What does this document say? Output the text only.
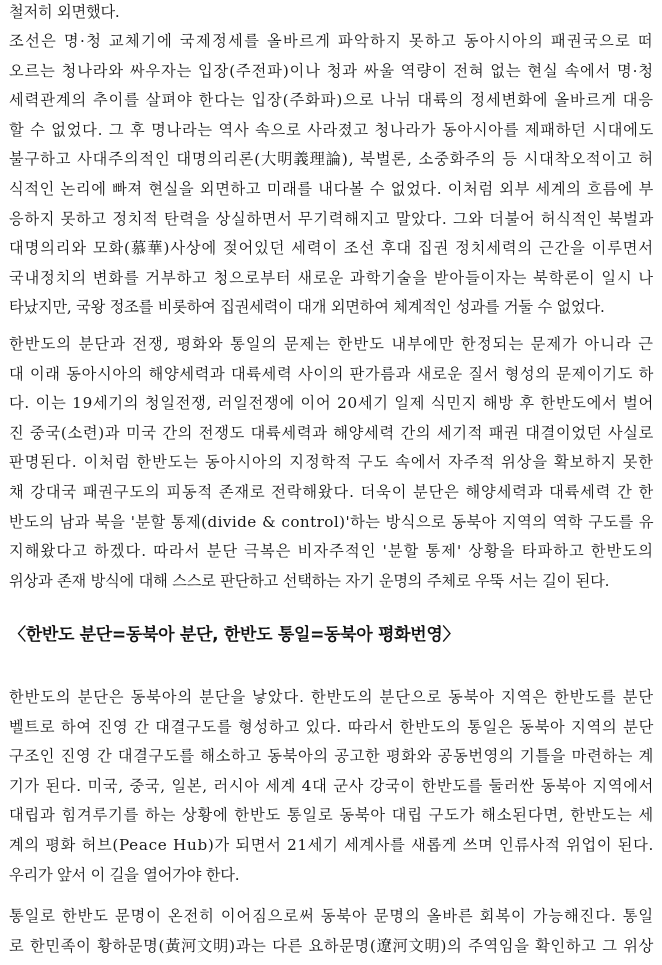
철저히 외면했다.

조선은 명·청 교체기에 국제정세를 올바르게 파악하지 못하고 동아시아의 패권국으로 떠
오르는 청나라와 싸우자는 입장(주전파)이나 청과 싸울 역량이 전혀 없는 현실 속에서 명·청
세력관계의 추이를 살펴야 한다는 입장(주화파)으로 나뉘 대륙의 정세변화에 올바르게 대응
할 수 없었다. 그 후 명나라는 역사 속으로 사라졌고 청나라가 동아시아를 제패하던 시대에도
불구하고 사대주의적인 대명의리론(大明義理論), 북벌론, 소중화주의 등 시대착오적이고 허
식적인 논리에 빠져 현실을 외면하고 미래를 내다볼 수 없었다. 이처럼 외부 세계의 흐름에 부
응하지 못하고 정치적 탄력을 상실하면서 무기력해지고 말았다. 그와 더불어 허식적인 북벌과
대명의리와 모화(慕華)사상에 젖어있던 세력이 조선 후대 집권 정치세력의 근간을 이루면서
국내정치의 변화를 거부하고 청으로부터 새로운 과학기술을 받아들이자는 북학론이 일시 나
타났지만, 국왕 정조를 비롯하여 집권세력이 대개 외면하여 체계적인 성과를 거둘 수 없었다.

한반도의 분단과 전쟁, 평화와 통일의 문제는 한반도 내부에만 한정되는 문제가 아니라 근
대 이래 동아시아의 해양세력과 대륙세력 사이의 판가름과 새로운 질서 형성의 문제이기도 하
다. 이는 19세기의 청일전쟁, 러일전쟁에 이어 20세기 일제 식민지 해방 후 한반도에서 벌어
진 중국(소련)과 미국 간의 전쟁도 대륙세력과 해양세력 간의 세기적 패권 대결이었던 사실로
판명된다. 이처럼 한반도는 동아시아의 지정학적 구도 속에서 자주적 위상을 확보하지 못한
채 강대국 패권구도의 피동적 존재로 전락해왔다. 더욱이 분단은 해양세력과 대륙세력 간 한
반도의 남과 북을 '분할 통제(divide & control)'하는 방식으로 동북아 지역의 역학 구도를 유
지해왔다고 하겠다. 따라서 분단 극복은 비자주적인 '분할 통제' 상황을 타파하고 한반도의
위상과 존재 방식에 대해 스스로 판단하고 선택하는 자기 운명의 주체로 우뚝 서는 길이 된다.

〈한반도 분단=동북아 분단, 한반도 통일=동북아 평화번영〉

한반도의 분단은 동북아의 분단을 낳았다. 한반도의 분단으로 동북아 지역은 한반도를 분단
벨트로 하여 진영 간 대결구도를 형성하고 있다. 따라서 한반도의 통일은 동북아 지역의 분단
구조인 진영 간 대결구도를 해소하고 동북아의 공고한 평화와 공동번영의 기틀을 마련하는 계
기가 된다. 미국, 중국, 일본, 러시아 세계 4대 군사 강국이 한반도를 둘러싼 동북아 지역에서
대립과 힘겨루기를 하는 상황에 한반도 통일로 동북아 대립 구도가 해소된다면, 한반도는 세
계의 평화 허브(Peace Hub)가 되면서 21세기 세계사를 새롭게 쓰며 인류사적 위업이 된다.
우리가 앞서 이 길을 열어가야 한다.

통일로 한반도 문명이 온전히 이어짐으로써 동북아 문명의 올바른 회복이 가능해진다. 통일
로 한민족이 황하문명(黃河文明)과는 다른 요하문명(遼河文明)의 주역임을 확인하고 그 위상
